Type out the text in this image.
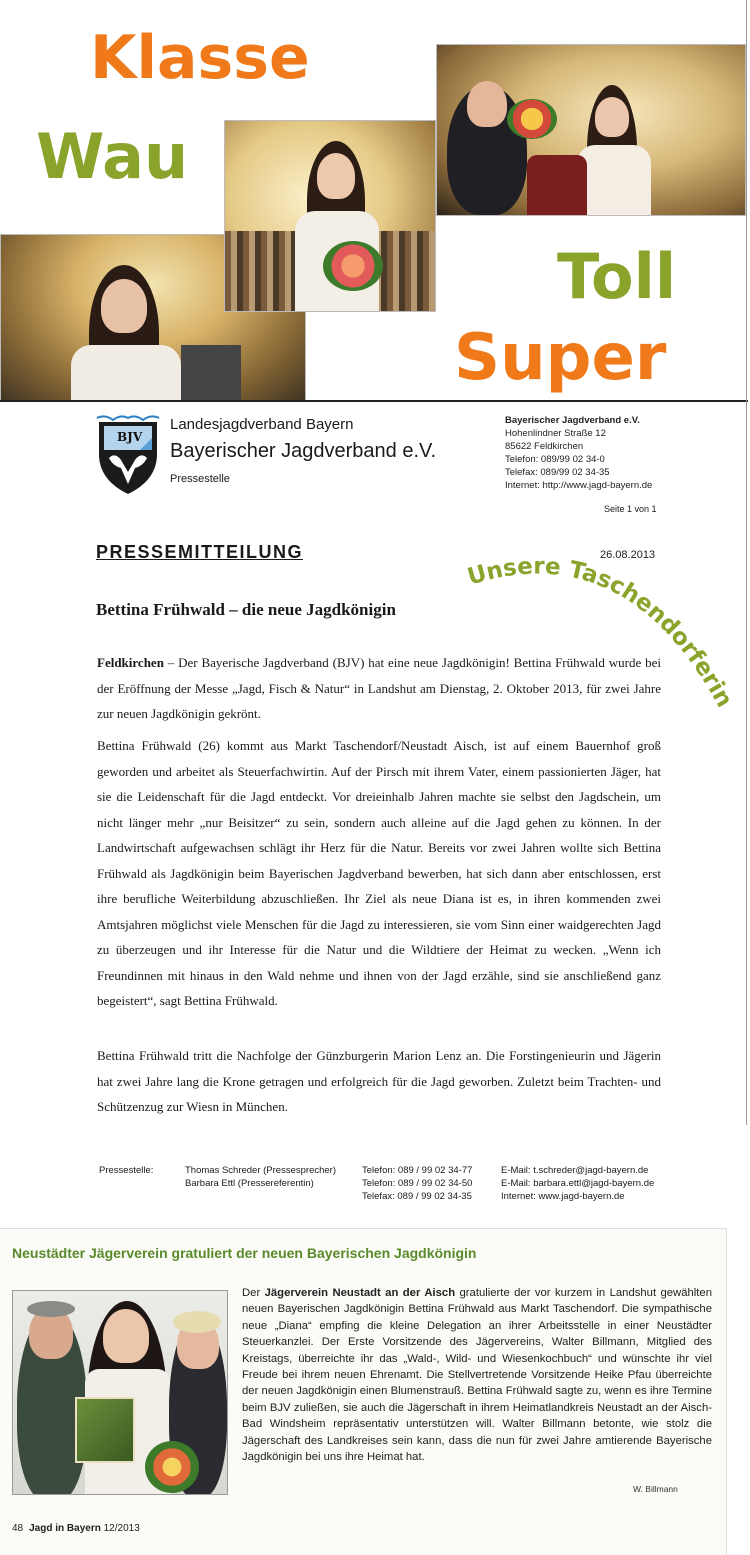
Klasse
Wau
Toll
Super
BJV
Landesjagdverband Bayern
Bayerischer Jagdverband e.V.
Pressestelle
Bayerischer Jagdverband e.V.
Hohenlindner Straße 12
85622 Feldkirchen
Telefon: 089/99 02 34-0
Telefax: 089/99 02 34-35
Internet: http://www.jagd-bayern.de
Seite 1 von 1
PRESSEMITTEILUNG	26.08.2013
Unsere Taschendorferin
Bettina Frühwald – die neue Jagdkönigin
Feldkirchen – Der Bayerische Jagdverband (BJV) hat eine neue Jagdkönigin! Bettina Frühwald wurde bei der Eröffnung der Messe „Jagd, Fisch & Natur“ in Landshut am Dienstag, 2. Oktober 2013, für zwei Jahre zur neuen Jagdkönigin gekrönt.
Bettina Frühwald (26) kommt aus Markt Taschendorf/Neustadt Aisch, ist auf einem Bauernhof groß geworden und arbeitet als Steuerfachwirtin. Auf der Pirsch mit ihrem Vater, einem passionierten Jäger, hat sie die Leidenschaft für die Jagd entdeckt. Vor dreieinhalb Jahren machte sie selbst den Jagdschein, um nicht länger mehr „nur Beisitzer“ zu sein, sondern auch alleine auf die Jagd gehen zu können. In der Landwirtschaft aufgewachsen schlägt ihr Herz für die Natur. Bereits vor zwei Jahren wollte sich Bettina Frühwald als Jagdkönigin beim Bayerischen Jagdverband bewerben, hat sich dann aber entschlossen, erst ihre berufliche Weiterbildung abzuschließen. Ihr Ziel als neue Diana ist es, in ihren kommenden zwei Amtsjahren möglichst viele Menschen für die Jagd zu interessieren, sie vom Sinn einer waidgerechten Jagd zu überzeugen und ihr Interesse für die Natur und die Wildtiere der Heimat zu wecken. „Wenn ich Freundinnen mit hinaus in den Wald nehme und ihnen von der Jagd erzähle, sind sie anschließend ganz begeistert“, sagt Bettina Frühwald.
Bettina Frühwald tritt die Nachfolge der Günzburgerin Marion Lenz an. Die Forstingenieurin und Jägerin hat zwei Jahre lang die Krone getragen und erfolgreich für die Jagd geworben. Zuletzt beim Trachten- und Schützenzug zur Wiesn in München.
Pressestelle:	Thomas Schreder (Pressesprecher)
Barbara Ettl (Pressereferentin)
Telefon: 089 / 99 02 34-77
Telefon: 089 / 99 02 34-50
Telefax: 089 / 99 02 34-35
E-Mail: t.schreder@jagd-bayern.de
E-Mail: barbara.ettl@jagd-bayern.de
Internet: www.jagd-bayern.de
Neustädter Jägerverein gratuliert der neuen Bayerischen Jagdkönigin
Der Jägerverein Neustadt an der Aisch gratulierte der vor kurzem in Landshut gewählten neuen Bayerischen Jagdkönigin Bettina Frühwald aus Markt Taschendorf. Die sympathische neue „Diana“ empfing die kleine Delegation an ihrer Arbeitsstelle in einer Neustädter Steuerkanzlei. Der Erste Vorsitzende des Jägervereins, Walter Billmann, Mitglied des Kreistags, überreichte ihr das „Wald-, Wild- und Wiesenkochbuch“ und wünschte ihr viel Freude bei ihrem neuen Ehrenamt. Die Stellvertretende Vorsitzende Heike Pfau überreichte der neuen Jagdkönigin einen Blumenstrauß. Bettina Frühwald sagte zu, wenn es ihre Termine beim BJV zuließen, sie auch die Jägerschaft in ihrem Heimatlandkreis Neustadt an der Aisch-Bad Windsheim repräsentativ unterstützen will. Walter Billmann betonte, wie stolz die Jägerschaft des Landkreises sein kann, dass die nun für zwei Jahre amtierende Bayerische Jagdkönigin bei uns ihre Heimat hat.
W. Billmann
48 Jagd in Bayern 12/2013
